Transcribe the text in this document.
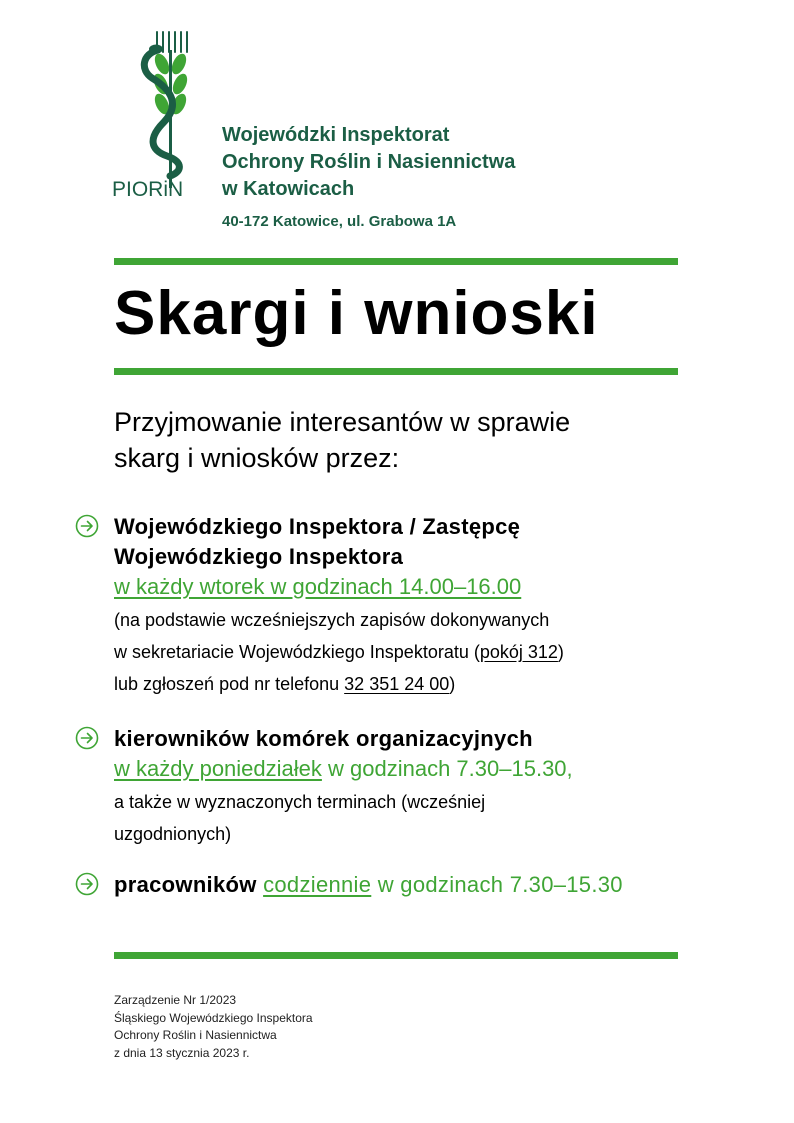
PIORiN
Wojewódzki Inspektorat
Ochrony Roślin i Nasiennictwa
w Katowicach
40-172 Katowice, ul. Grabowa 1A
Skargi i wnioski
Przyjmowanie interesantów w sprawie
skarg i wniosków przez:
Wojewódzkiego Inspektora / Zastępcę
Wojewódzkiego Inspektora
w każdy wtorek w godzinach 14.00–16.00
(na podstawie wcześniejszych zapisów dokonywanych
w sekretariacie Wojewódzkiego Inspektoratu (pokój 312)
lub zgłoszeń pod nr telefonu 32 351 24 00)
kierowników komórek organizacyjnych
w każdy poniedziałek w godzinach 7.30–15.30,
a także w wyznaczonych terminach (wcześniej
uzgodnionych)
pracowników codziennie w godzinach 7.30–15.30
Zarządzenie Nr 1/2023
Śląskiego Wojewódzkiego Inspektora
Ochrony Roślin i Nasiennictwa
z dnia 13 stycznia 2023 r.
